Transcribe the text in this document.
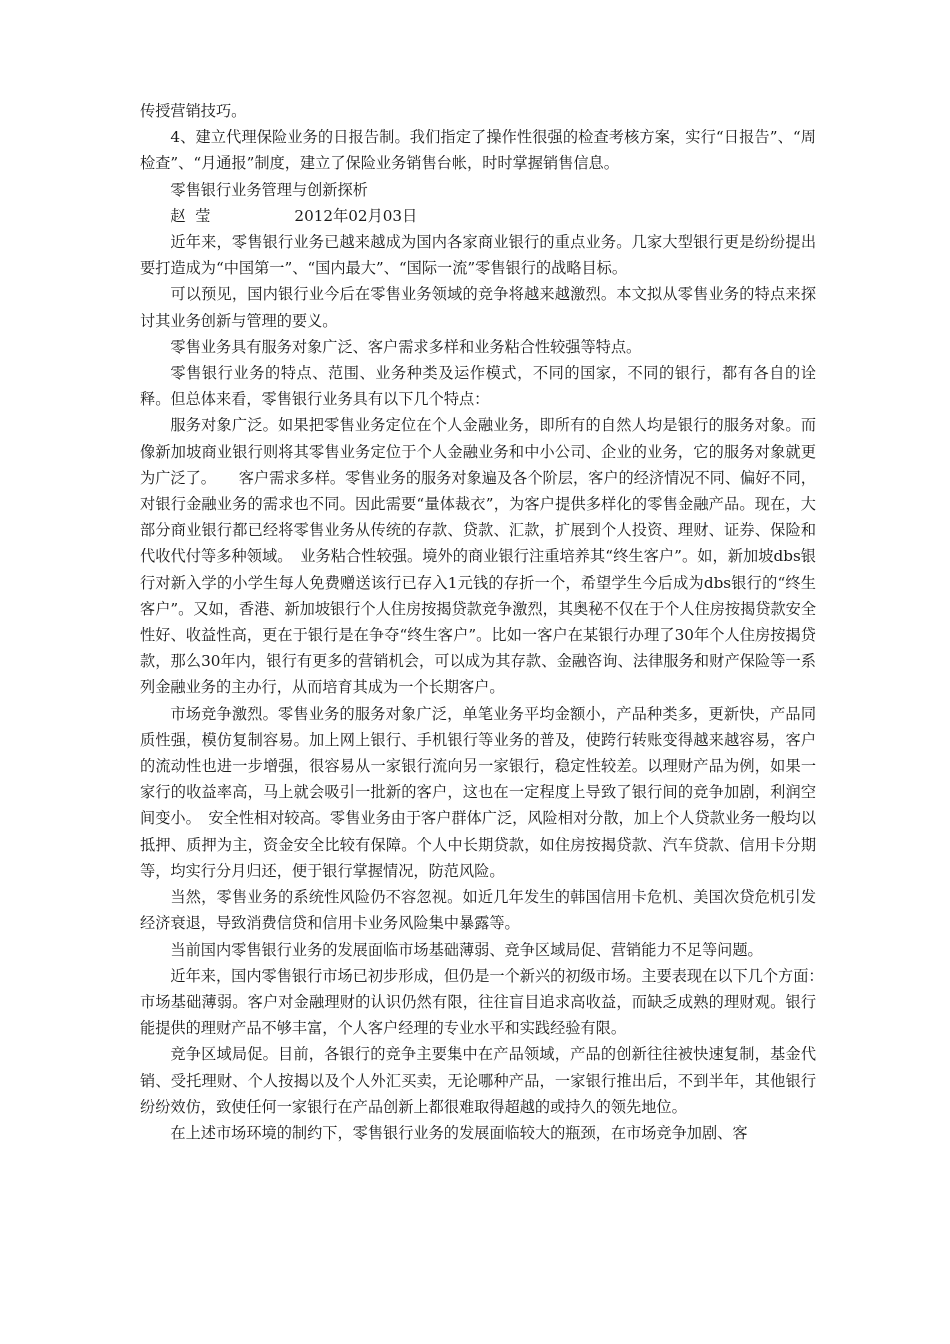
传授营销技巧。

4、建立代理保险业务的日报告制。我们指定了操作性很强的检查考核方案，实行“日报告”、“周检查”、“月通报”制度，建立了保险业务销售台帐，时时掌握销售信息。

零售银行业务管理与创新探析

赵  莹	2012年02月03日

近年来，零售银行业务已越来越成为国内各家商业银行的重点业务。几家大型银行更是纷纷提出要打造成为“中国第一”、“国内最大”、“国际一流”零售银行的战略目标。

可以预见，国内银行业今后在零售业务领域的竞争将越来越激烈。本文拟从零售业务的特点来探讨其业务创新与管理的要义。

零售业务具有服务对象广泛、客户需求多样和业务粘合性较强等特点。

零售银行业务的特点、范围、业务种类及运作模式，不同的国家，不同的银行，都有各自的诠释。但总体来看，零售银行业务具有以下几个特点：

服务对象广泛。如果把零售业务定位在个人金融业务，即所有的自然人均是银行的服务对象。而像新加坡商业银行则将其零售业务定位于个人金融业务和中小公司、企业的业务，它的服务对象就更为广泛了。　　客户需求多样。零售业务的服务对象遍及各个阶层，客户的经济情况不同、偏好不同，对银行金融业务的需求也不同。因此需要“量体裁衣”，为客户提供多样化的零售金融产品。现在，大部分商业银行都已经将零售业务从传统的存款、贷款、汇款，扩展到个人投资、理财、证券、保险和代收代付等多种领域。　业务粘合性较强。境外的商业银行注重培养其“终生客户”。如，新加坡dbs银行对新入学的小学生每人免费赠送该行已存入1元钱的存折一个，希望学生今后成为dbs银行的“终生客户”。又如，香港、新加坡银行个人住房按揭贷款竞争激烈，其奥秘不仅在于个人住房按揭贷款安全性好、收益性高，更在于银行是在争夺“终生客户”。比如一客户在某银行办理了30年个人住房按揭贷款，那么30年内，银行有更多的营销机会，可以成为其存款、金融咨询、法律服务和财产保险等一系列金融业务的主办行，从而培育其成为一个长期客户。

市场竞争激烈。零售业务的服务对象广泛，单笔业务平均金额小，产品种类多，更新快，产品同质性强，模仿复制容易。加上网上银行、手机银行等业务的普及，使跨行转账变得越来越容易，客户的流动性也进一步增强，很容易从一家银行流向另一家银行，稳定性较差。以理财产品为例，如果一家行的收益率高，马上就会吸引一批新的客户，这也在一定程度上导致了银行间的竞争加剧，利润空间变小。　安全性相对较高。零售业务由于客户群体广泛，风险相对分散，加上个人贷款业务一般均以抵押、质押为主，资金安全比较有保障。个人中长期贷款，如住房按揭贷款、汽车贷款、信用卡分期等，均实行分月归还，便于银行掌握情况，防范风险。

当然，零售业务的系统性风险仍不容忽视。如近几年发生的韩国信用卡危机、美国次贷危机引发经济衰退，导致消费信贷和信用卡业务风险集中暴露等。

当前国内零售银行业务的发展面临市场基础薄弱、竞争区域局促、营销能力不足等问题。

近年来，国内零售银行市场已初步形成，但仍是一个新兴的初级市场。主要表现在以下几个方面：　　市场基础薄弱。客户对金融理财的认识仍然有限，往往盲目追求高收益，而缺乏成熟的理财观。银行能提供的理财产品不够丰富，个人客户经理的专业水平和实践经验有限。

竞争区域局促。目前，各银行的竞争主要集中在产品领域，产品的创新往往被快速复制，基金代销、受托理财、个人按揭以及个人外汇买卖，无论哪种产品，一家银行推出后，不到半年，其他银行纷纷效仿，致使任何一家银行在产品创新上都很难取得超越的或持久的领先地位。

在上述市场环境的制约下，零售银行业务的发展面临较大的瓶颈，在市场竞争加剧、客
